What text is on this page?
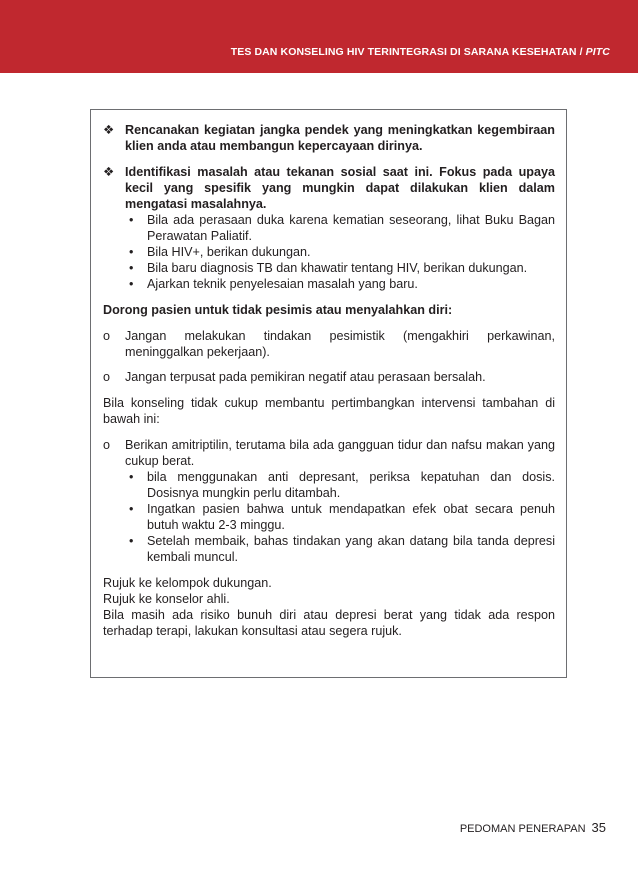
TES DAN KONSELING HIV TERINTEGRASI DI SARANA KESEHATAN / PITC
❖ Rencanakan kegiatan jangka pendek yang meningkatkan kegembiraan klien anda atau membangun kepercayaan dirinya.
❖ Identifikasi masalah atau tekanan sosial saat ini. Fokus pada upaya kecil yang spesifik yang mungkin dapat dilakukan klien dalam mengatasi masalahnya.
• Bila ada perasaan duka karena kematian seseorang, lihat Buku Bagan Perawatan Paliatif.
• Bila HIV+, berikan dukungan.
• Bila baru diagnosis TB dan khawatir tentang HIV, berikan dukungan.
• Ajarkan teknik penyelesaian masalah yang baru.
Dorong pasien untuk tidak pesimis atau menyalahkan diri:
o Jangan melakukan tindakan pesimistik (mengakhiri perkawinan, meninggalkan pekerjaan).
o Jangan terpusat pada pemikiran negatif atau perasaan bersalah.
Bila konseling tidak cukup membantu pertimbangkan intervensi tambahan di bawah ini:
o Berikan amitriptilin, terutama bila ada gangguan tidur dan nafsu makan yang cukup berat.
• bila menggunakan anti depresant, periksa kepatuhan dan dosis. Dosisnya mungkin perlu ditambah.
• Ingatkan pasien bahwa untuk mendapatkan efek obat secara penuh butuh waktu 2-3 minggu.
• Setelah membaik, bahas tindakan yang akan datang bila tanda depresi kembali muncul.
Rujuk ke kelompok dukungan.
Rujuk ke konselor ahli.
Bila masih ada risiko bunuh diri atau depresi berat yang tidak ada respon terhadap terapi, lakukan konsultasi atau segera rujuk.
PEDOMAN PENERAPAN 35
